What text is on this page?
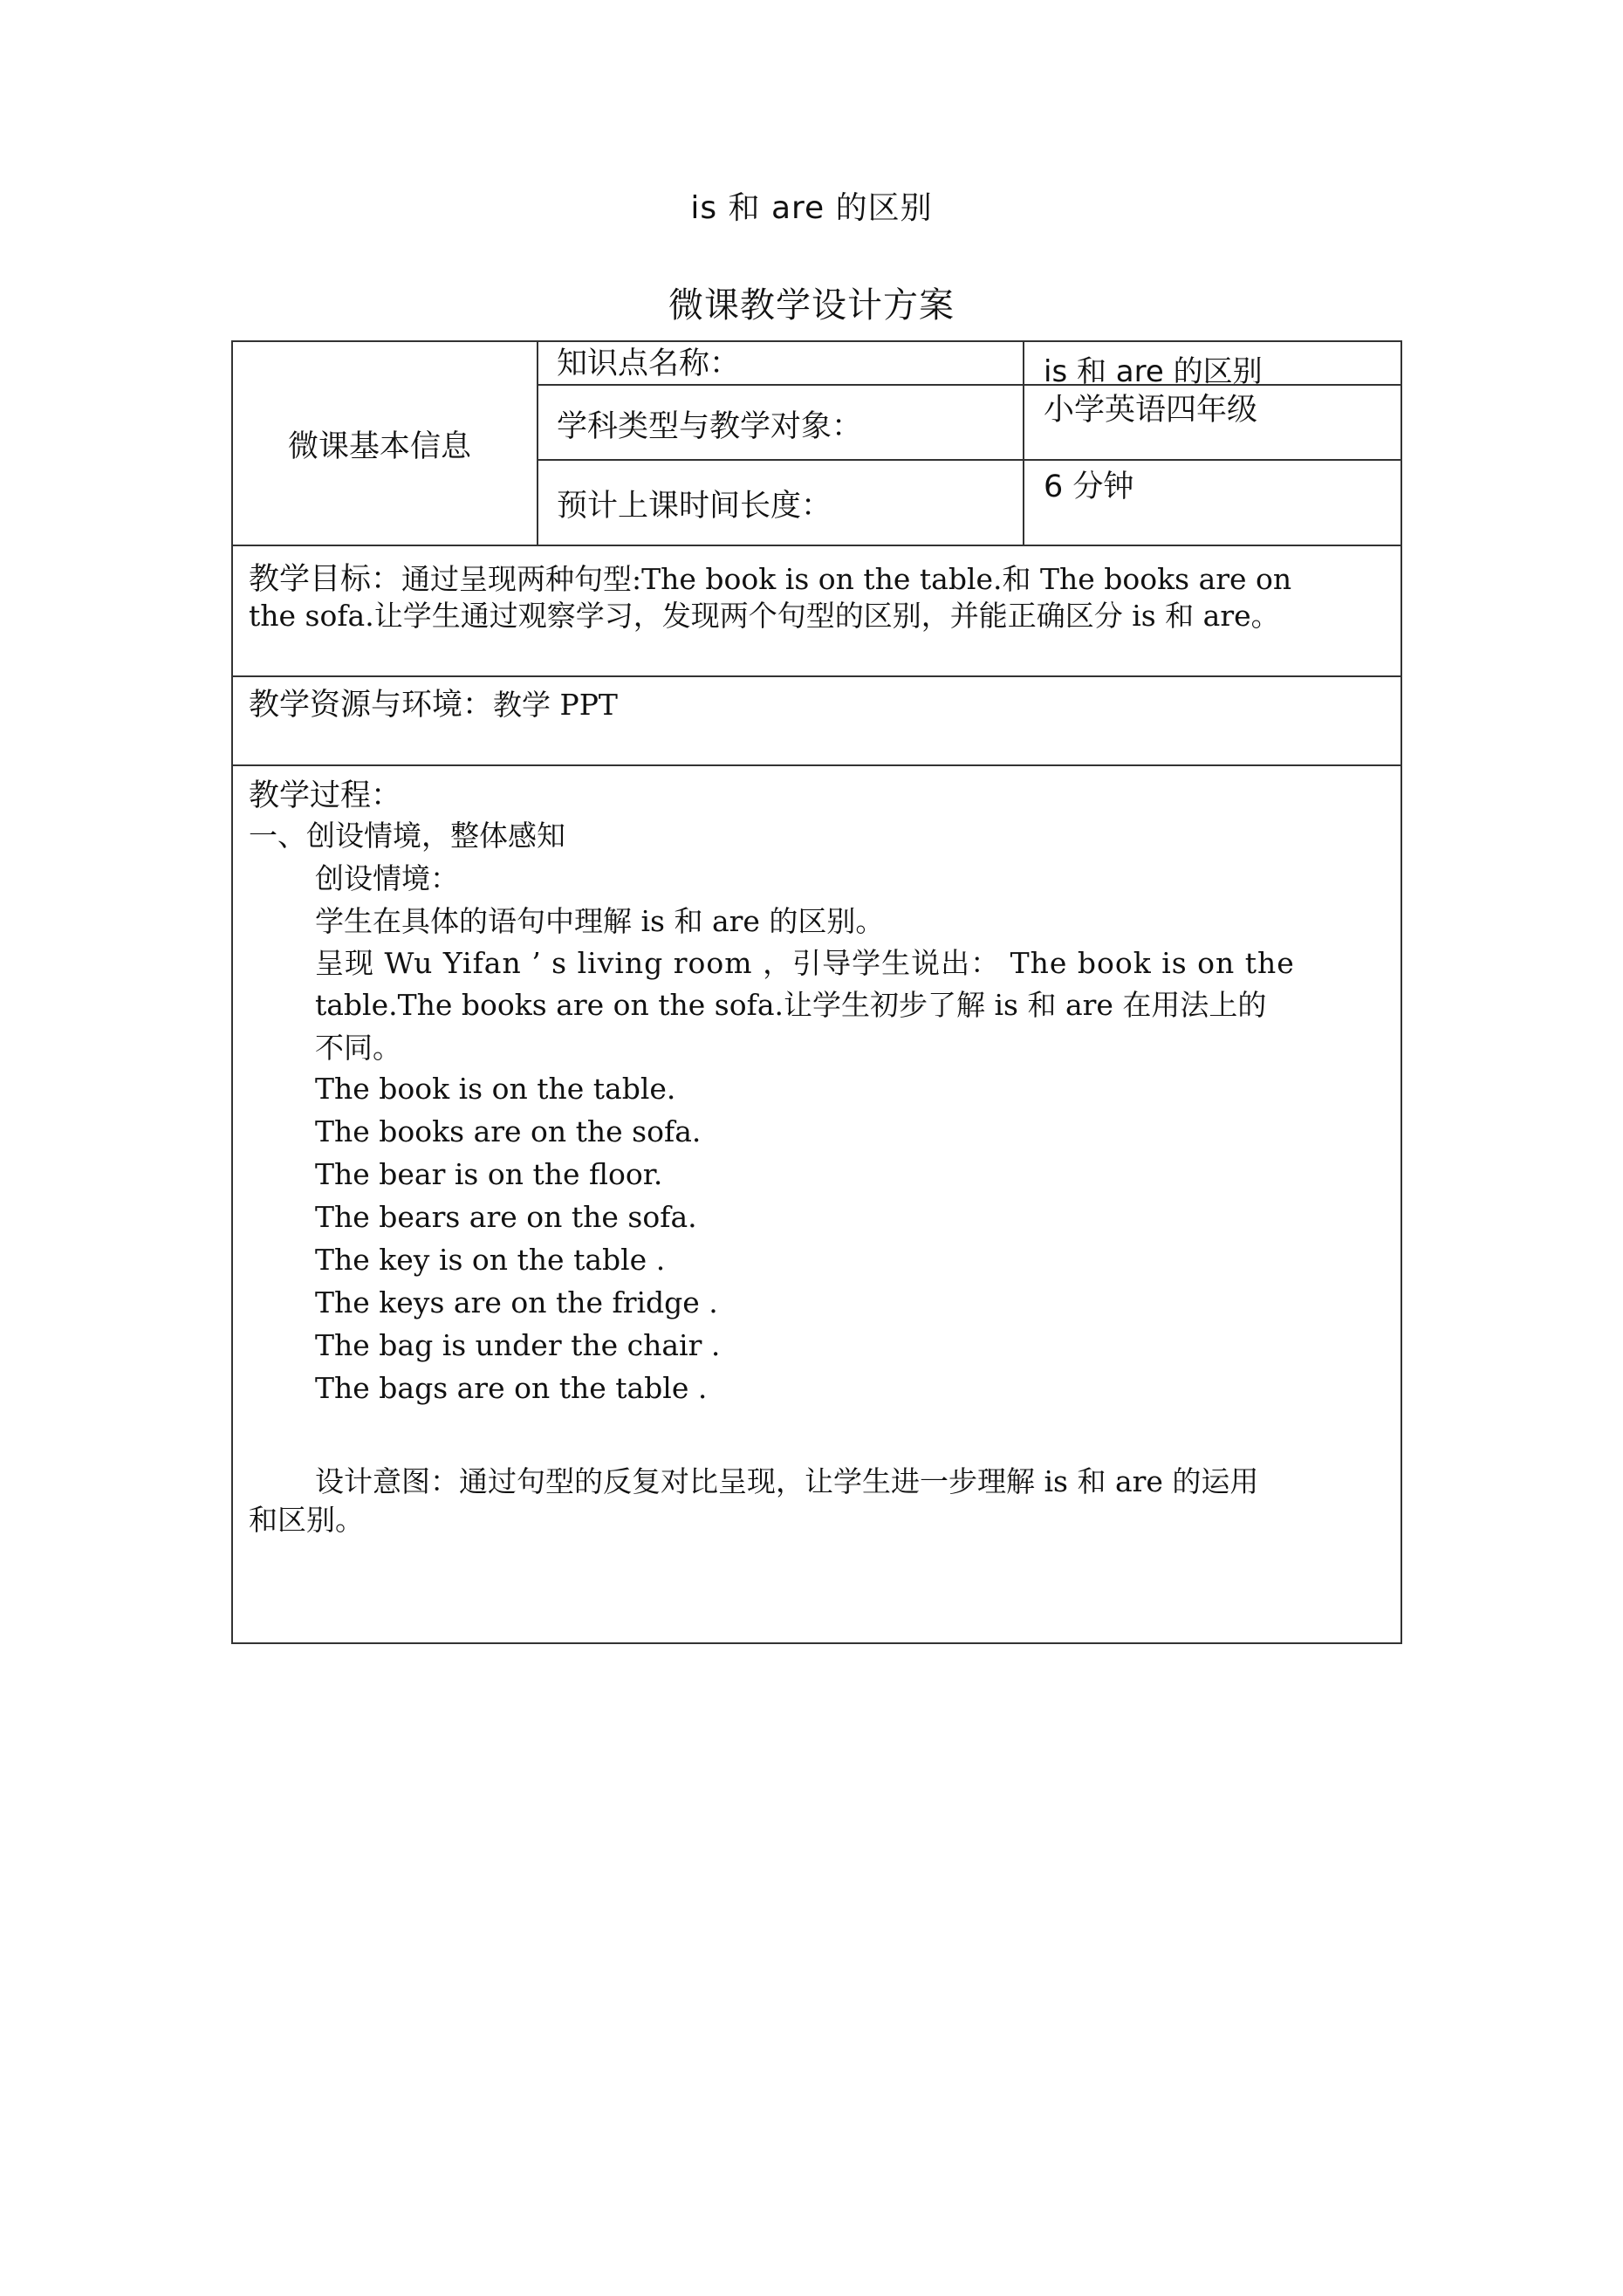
is 和 are 的区别
微课教学设计方案
微课基本信息
知识点名称：	is 和 are 的区别
学科类型与教学对象：	小学英语四年级
预计上课时间长度：
6 分钟
教学目标：通过呈现两种句型:The book is on the table.和 The books are on
the sofa.让学生通过观察学习，发现两个句型的区别，并能正确区分 is 和 are。
教学资源与环境：教学 PPT
教学过程：
一、创设情境，整体感知
创设情境：
学生在具体的语句中理解 is 和 are 的区别。
呈现 Wu Yifan ’ s living room ，引导学生说出： The book is on the
table.The books are on the sofa.让学生初步了解 is 和 are 在用法上的
不同。
The book is on the table.
The books are on the sofa.
The bear is on the floor.
The bears are on the sofa.
The key is on the table .
The keys are on the fridge .
The bag is under the chair .
The bags are on the table .
设计意图：通过句型的反复对比呈现，让学生进一步理解 is 和 are 的运用
和区别。
